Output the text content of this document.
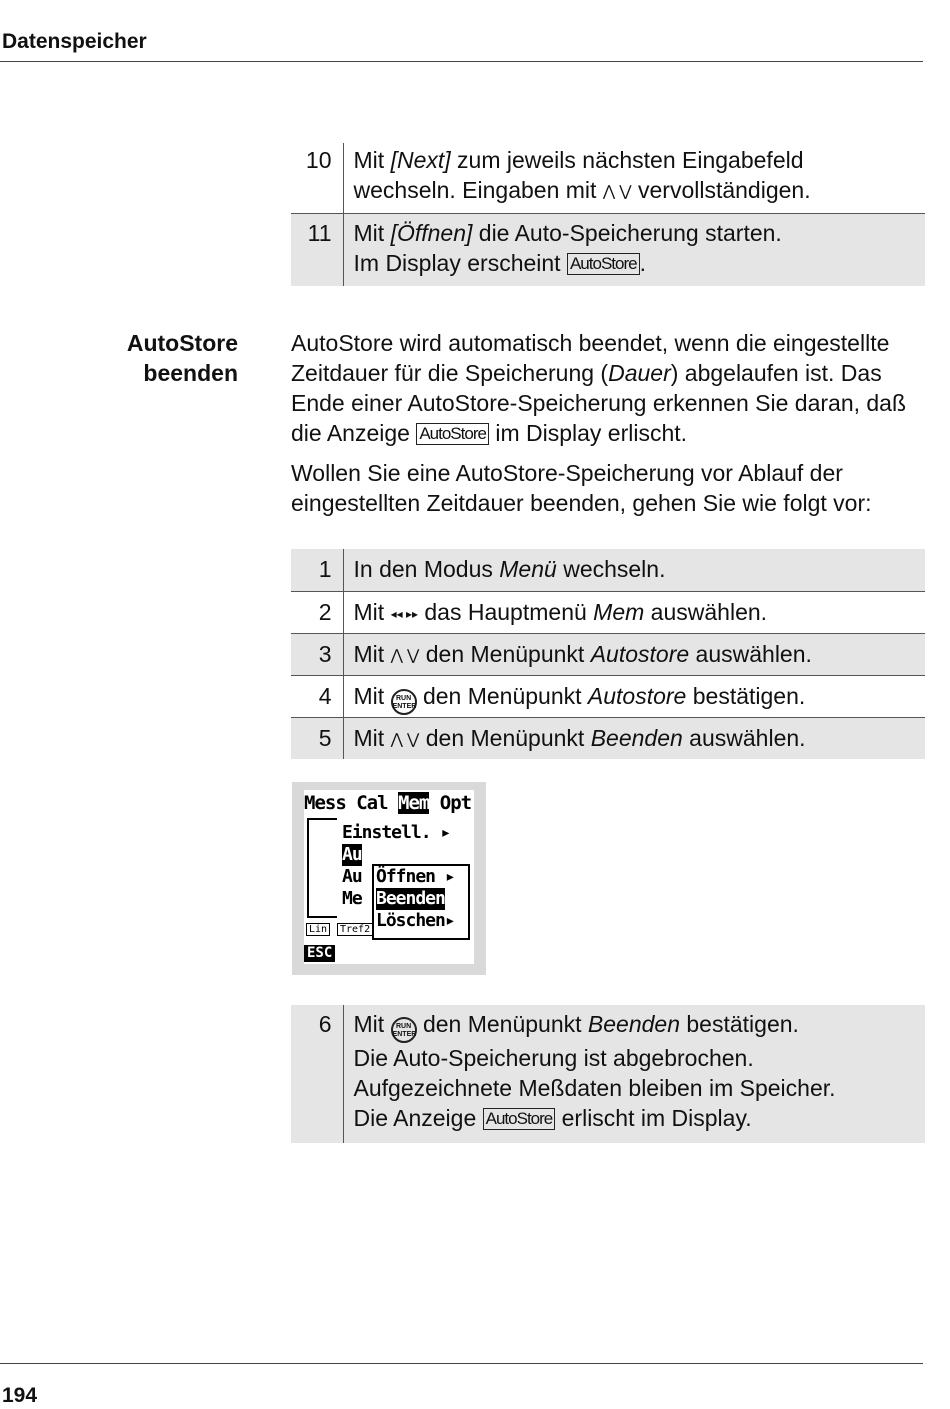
Datenspeicher
10	Mit [Next] zum jeweils nächsten Eingabefeld
wechseln. Eingaben mit ⋀ ⋁ vervollständigen.
11	Mit [Öffnen] die Auto-Speicherung starten.
Im Display erscheint AutoStore .
AutoStore
beenden
AutoStore wird automatisch beendet, wenn die eingestellte Zeitdauer für die Speicherung (Dauer) abgelaufen ist. Das Ende einer AutoStore-Speicherung erkennen Sie daran, daß die Anzeige AutoStore im Display erlischt.
Wollen Sie eine AutoStore-Speicherung vor Ablauf der eingestellten Zeitdauer beenden, gehen Sie wie folgt vor:
1	In den Modus Menü wechseln.
2	Mit ◂◂ ▸▸ das Hauptmenü Mem auswählen.
3	Mit ⋀ ⋁ den Menüpunkt Autostore auswählen.
4	Mit RUN
ENTER den Menüpunkt Autostore bestätigen.
5	Mit ⋀ ⋁ den Menüpunkt Beenden auswählen.
Mess Cal Mem Opt
Einstell. ▸
Au
Au
Me
Öffnen ▸
Beenden
Löschen▸
Lin	Tref2
ESC
6	Mit RUN
ENTER den Menüpunkt Beenden bestätigen.
Die Auto-Speicherung ist abgebrochen.
Aufgezeichnete Meßdaten bleiben im Speicher.
Die Anzeige AutoStore erlischt im Display.
194
